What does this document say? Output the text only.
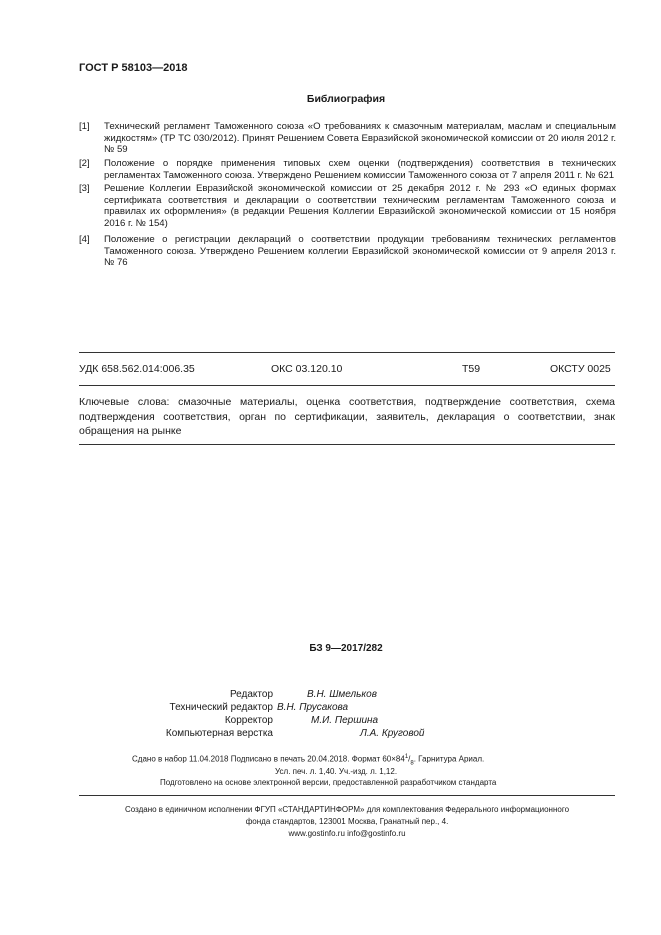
ГОСТ Р 58103—2018
Библиография
[1] Технический регламент Таможенного союза «О требованиях к смазочным материалам, маслам и специальным жидкостям» (ТР ТС 030/2012). Принят Решением Совета Евразийской экономической комиссии от 20 июля 2012 г. № 59
[2] Положение о порядке применения типовых схем оценки (подтверждения) соответствия в технических регламентах Таможенного союза. Утверждено Решением комиссии Таможенного союза от 7 апреля 2011 г. № 621
[3] Решение Коллегии Евразийской экономической комиссии от 25 декабря 2012 г. № 293 «О единых формах сертификата соответствия и декларации о соответствии техническим регламентам Таможенного союза и правилах их оформления» (в редакции Решения Коллегии Евразийской экономической комиссии от 15 ноября 2016 г. № 154)
[4] Положение о регистрации деклараций о соответствии продукции требованиям технических регламентов Таможенного союза. Утверждено Решением коллегии Евразийской экономической комиссии от 9 апреля 2013 г. № 76
УДК 658.562.014:006.35	ОКС 03.120.10	Т59	ОКСТУ 0025
Ключевые слова: смазочные материалы, оценка соответствия, подтверждение соответствия, схема подтверждения соответствия, орган по сертификации, заявитель, декларация о соответствии, знак обращения на рынке
БЗ 9—2017/282
Редактор	В.Н. Шмельков
Технический редактор В.Н. Прусакова
Корректор	М.И. Першина
Компьютерная верстка	Л.А. Круговой
Сдано в набор 11.04.2018 Подписано в печать 20.04.2018. Формат $60\times 84^1/_8$. Гарнитура Ариал.
Усл. печ. л. 1,40. Уч.-изд. л. 1,12.
Подготовлено на основе электронной версии, предоставленной разработчиком стандарта
Создано в единичном исполнении ФГУП «СТАНДАРТИНФОРМ» для комплектования Федерального информационного
фонда стандартов, 123001 Москва, Гранатный пер., 4.
www.gostinfo.ru info@gostinfo.ru
